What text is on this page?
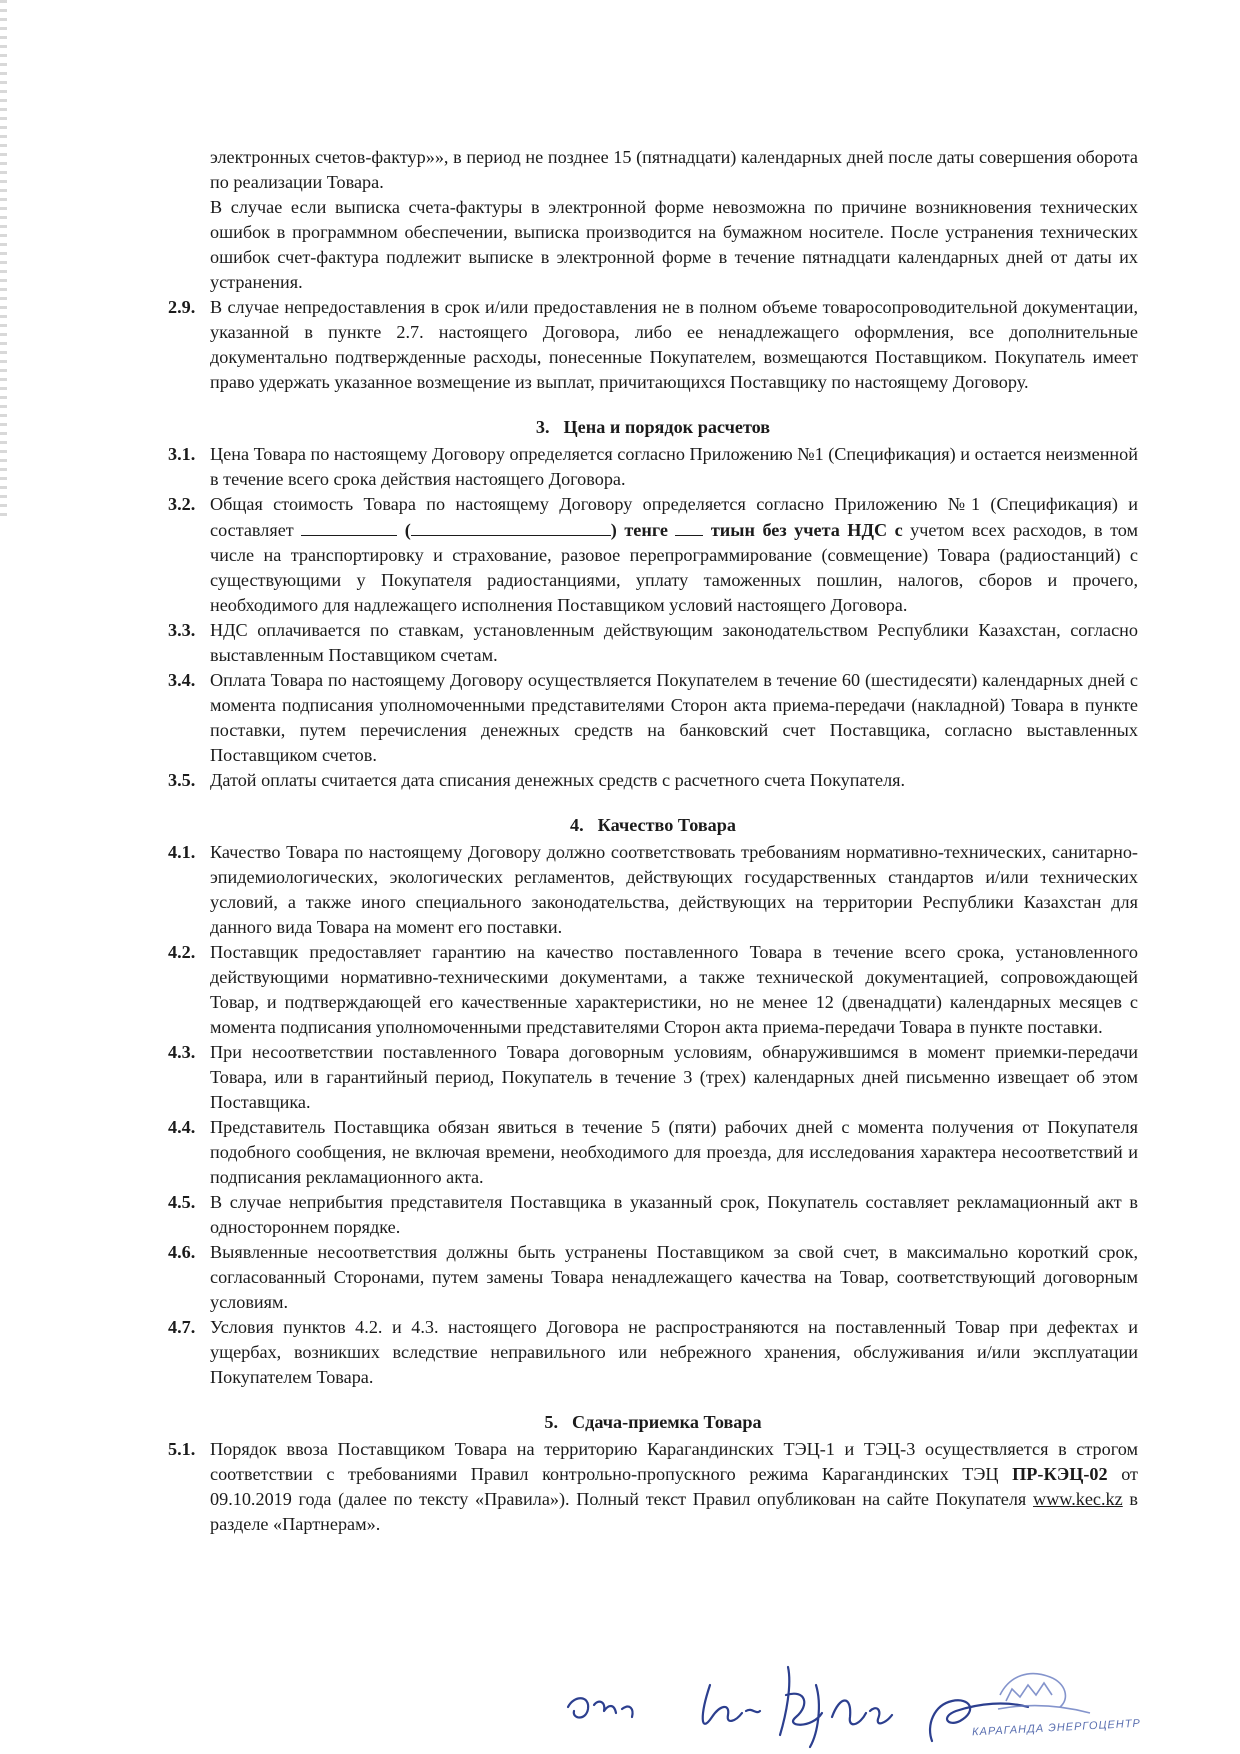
электронных счетов-фактур»», в период не позднее 15 (пятнадцати) календарных дней после даты совершения оборота по реализации Товара.
В случае если выписка счета-фактуры в электронной форме невозможна по причине возникновения технических ошибок в программном обеспечении, выписка производится на бумажном носителе. После устранения технических ошибок счет-фактура подлежит выписке в электронной форме в течение пятнадцати календарных дней от даты их устранения.
2.9. В случае непредоставления в срок и/или предоставления не в полном объеме товаросопроводительной документации, указанной в пункте 2.7. настоящего Договора, либо ее ненадлежащего оформления, все дополнительные документально подтвержденные расходы, понесенные Покупателем, возмещаются Поставщиком. Покупатель имеет право удержать указанное возмещение из выплат, причитающихся Поставщику по настоящему Договору.
3. Цена и порядок расчетов
3.1. Цена Товара по настоящему Договору определяется согласно Приложению №1 (Спецификация) и остается неизменной в течение всего срока действия настоящего Договора.
3.2. Общая стоимость Товара по настоящему Договору определяется согласно Приложению №1 (Спецификация) и составляет	(	) тенге тиын без учета НДС с учетом всех расходов, в том числе на транспортировку и страхование, разовое перепрограммирование (совмещение) Товара (радиостанций) с существующими у Покупателя радиостанциями, уплату таможенных пошлин, налогов, сборов и прочего, необходимого для надлежащего исполнения Поставщиком условий настоящего Договора.
3.3. НДС оплачивается по ставкам, установленным действующим законодательством Республики Казахстан, согласно выставленным Поставщиком счетам.
3.4. Оплата Товара по настоящему Договору осуществляется Покупателем в течение 60 (шестидесяти) календарных дней с момента подписания уполномоченными представителями Сторон акта приема-передачи (накладной) Товара в пункте поставки, путем перечисления денежных средств на банковский счет Поставщика, согласно выставленных Поставщиком счетов.
3.5. Датой оплаты считается дата списания денежных средств с расчетного счета Покупателя.
4. Качество Товара
4.1. Качество Товара по настоящему Договору должно соответствовать требованиям нормативно-технических, санитарно-эпидемиологических, экологических регламентов, действующих государственных стандартов и/или технических условий, а также иного специального законодательства, действующих на территории Республики Казахстан для данного вида Товара на момент его поставки.
4.2. Поставщик предоставляет гарантию на качество поставленного Товара в течение всего срока, установленного действующими нормативно-техническими документами, а также технической документацией, сопровождающей Товар, и подтверждающей его качественные характеристики, но не менее 12 (двенадцати) календарных месяцев с момента подписания уполномоченными представителями Сторон акта приема-передачи Товара в пункте поставки.
4.3. При несоответствии поставленного Товара договорным условиям, обнаружившимся в момент приемки-передачи Товара, или в гарантийный период, Покупатель в течение 3 (трех) календарных дней письменно извещает об этом Поставщика.
4.4. Представитель Поставщика обязан явиться в течение 5 (пяти) рабочих дней с момента получения от Покупателя подобного сообщения, не включая времени, необходимого для проезда, для исследования характера несоответствий и подписания рекламационного акта.
4.5. В случае неприбытия представителя Поставщика в указанный срок, Покупатель составляет рекламационный акт в одностороннем порядке.
4.6. Выявленные несоответствия должны быть устранены Поставщиком за свой счет, в максимально короткий срок, согласованный Сторонами, путем замены Товара ненадлежащего качества на Товар, соответствующий договорным условиям.
4.7. Условия пунктов 4.2. и 4.3. настоящего Договора не распространяются на поставленный Товар при дефектах и ущербах, возникших вследствие неправильного или небрежного хранения, обслуживания и/или эксплуатации Покупателем Товара.
5. Сдача-приемка Товара
5.1. Порядок ввоза Поставщиком Товара на территорию Карагандинских ТЭЦ-1 и ТЭЦ-3 осуществляется в строгом соответствии с требованиями Правил контрольно-пропускного режима Карагандинских ТЭЦ ПР-КЭЦ-02 от 09.10.2019 года (далее по тексту «Правила»). Полный текст Правил опубликован на сайте Покупателя www.kec.kz в разделе «Партнерам».
КАРАГАНДА ЭНЕРГОЦЕНТР
